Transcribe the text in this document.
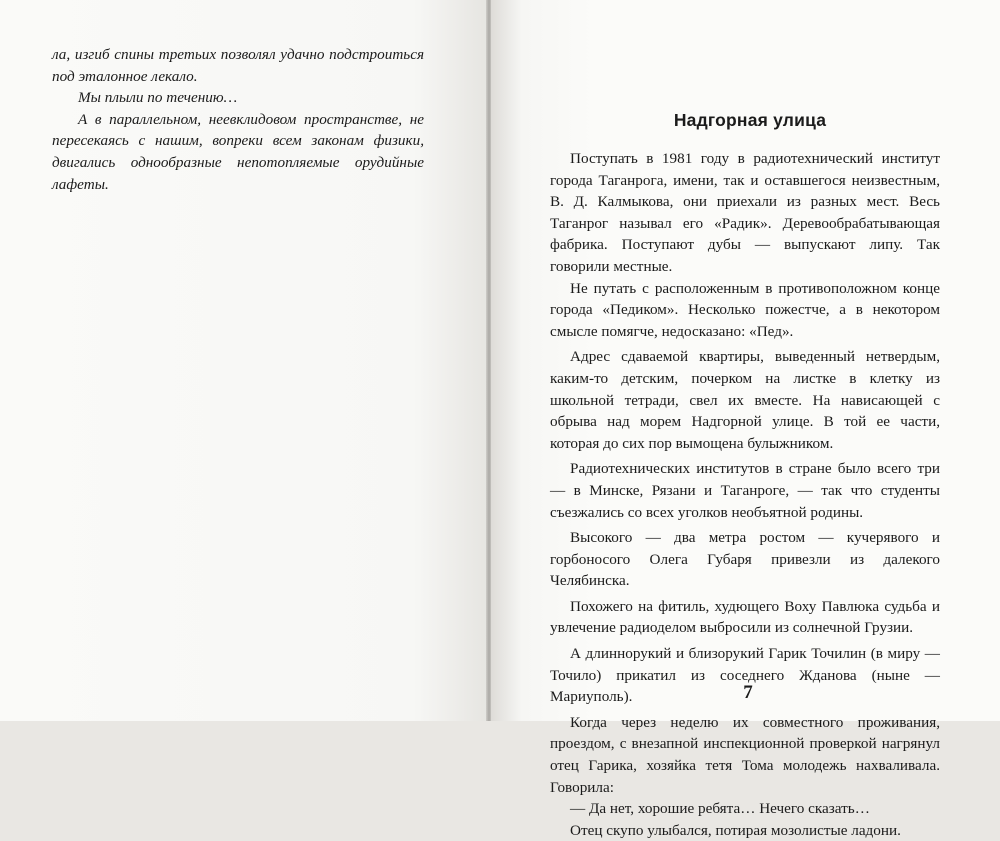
ла, изгиб спины третьих позволял удачно подстроиться под эталонное лекало.

Мы плыли по течению…

А в параллельном, неевклидовом пространстве, не пересекаясь с нашим, вопреки всем законам физики, двигались однообразные непотопляемые орудийные лафеты.

Надгорная улица

Поступать в 1981 году в радиотехнический институт города Таганрога, имени, так и оставшегося неизвестным, В. Д. Калмыкова, они приехали из разных мест. Весь Таганрог называл его «Радик». Деревообрабатывающая фабрика. Поступают дубы — выпускают липу. Так говорили местные.

Не путать с расположенным в противоположном конце города «Педиком». Несколько пожестче, а в некотором смысле помягче, недосказано: «Пед».

Адрес сдаваемой квартиры, выведенный нетвердым, каким-то детским, почерком на листке в клетку из школьной тетради, свел их вместе. На нависающей с обрыва над морем Надгорной улице. В той ее части, которая до сих пор вымощена булыжником.

Радиотехнических институтов в стране было всего три — в Минске, Рязани и Таганроге, — так что студенты съезжались со всех уголков необъятной родины.

Высокого — два метра ростом — кучерявого и горбоносого Олега Губаря привезли из далекого Челябинска.

Похожего на фитиль, худющего Воху Павлюка судьба и увлечение радиоделом выбросили из солнечной Грузии.

А длиннорукий и близорукий Гарик Точилин (в миру — Точило) прикатил из соседнего Жданова (ныне — Мариуполь).

Когда через неделю их совместного проживания, проездом, с внезапной инспекционной проверкой нагрянул отец Гарика, хозяйка тетя Тома молодежь нахваливала. Говорила:

— Да нет, хорошие ребята… Нечего сказать…

Отец скупо улыбался, потирая мозолистые ладони.

7
